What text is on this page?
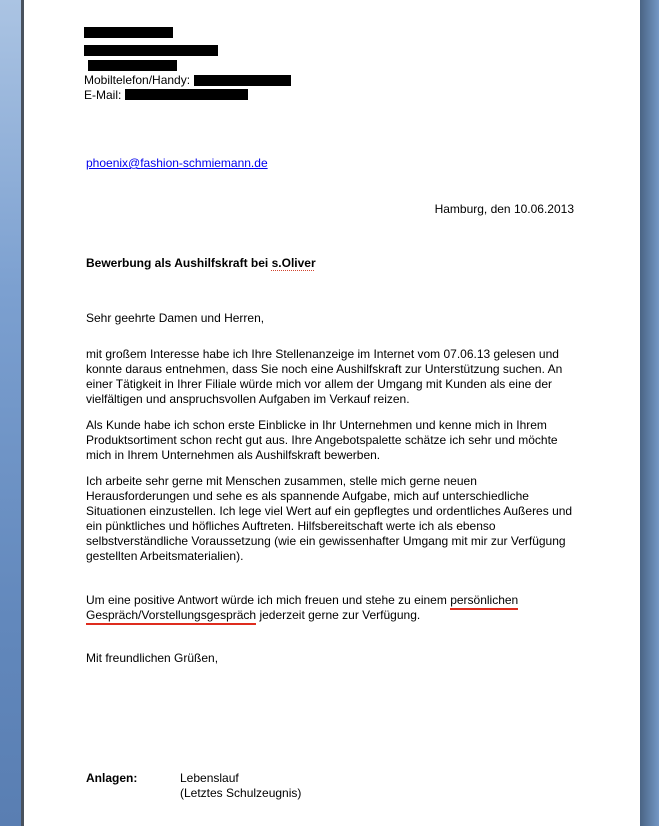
Mobiltelefon/Handy:
E-Mail:
phoenix@fashion-schmiemann.de
Hamburg, den 10.06.2013
Bewerbung als Aushilfskraft bei s.Oliver
Sehr geehrte Damen und Herren,
mit großem Interesse habe ich Ihre Stellenanzeige im Internet vom 07.06.13 gelesen und konnte daraus entnehmen, dass Sie noch eine Aushilfskraft zur Unterstützung suchen. An einer Tätigkeit in Ihrer Filiale würde mich vor allem der Umgang mit Kunden als eine der vielfältigen und anspruchsvollen Aufgaben im Verkauf reizen.
Als Kunde habe ich schon erste Einblicke in Ihr Unternehmen und kenne mich in Ihrem Produktsortiment schon recht gut aus. Ihre Angebotspalette schätze ich sehr und möchte mich in Ihrem Unternehmen als Aushilfskraft bewerben.
Ich arbeite sehr gerne mit Menschen zusammen, stelle mich gerne neuen Herausforderungen und sehe es als spannende Aufgabe, mich auf unterschiedliche Situationen einzustellen. Ich lege viel Wert auf ein gepflegtes und ordentliches Außeres und ein pünktliches und höfliches Auftreten. Hilfsbereitschaft werte ich als ebenso selbstverständliche Voraussetzung (wie ein gewissenhafter Umgang mit mir zur Verfügung gestellten Arbeitsmaterialien).
Um eine positive Antwort würde ich mich freuen und stehe zu einem persönlichen Gespräch/Vorstellungsgespräch jederzeit gerne zur Verfügung.
Mit freundlichen Grüßen,
Anlagen:	Lebenslauf
(Letztes Schulzeugnis)
